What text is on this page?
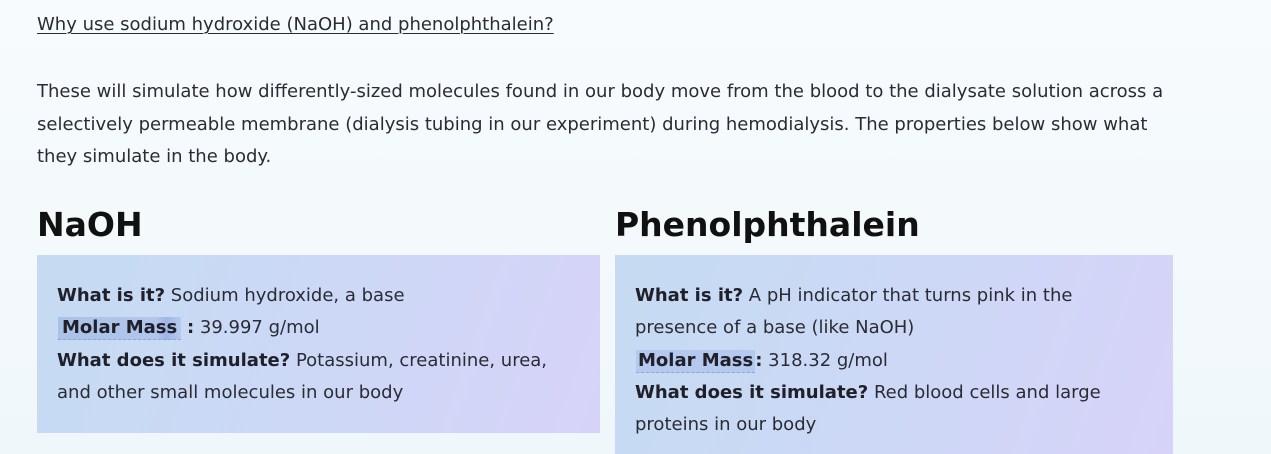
Why use sodium hydroxide (NaOH) and phenolphthalein?

These will simulate how differently-sized molecules found in our body move from the blood to the dialysate solution across a selectively permeable membrane (dialysis tubing in our experiment) during hemodialysis. The properties below show what they simulate in the body.

NaOH	Phenolphthalein

What is it? Sodium hydroxide, a base

Molar Mass : 39.997 g/mol

What does it simulate? Potassium, creatinine, urea, and other small molecules in our body

What is it? A pH indicator that turns pink in the presence of a base (like NaOH)

Molar Mass : 318.32 g/mol

What does it simulate? Red blood cells and large proteins in our body
